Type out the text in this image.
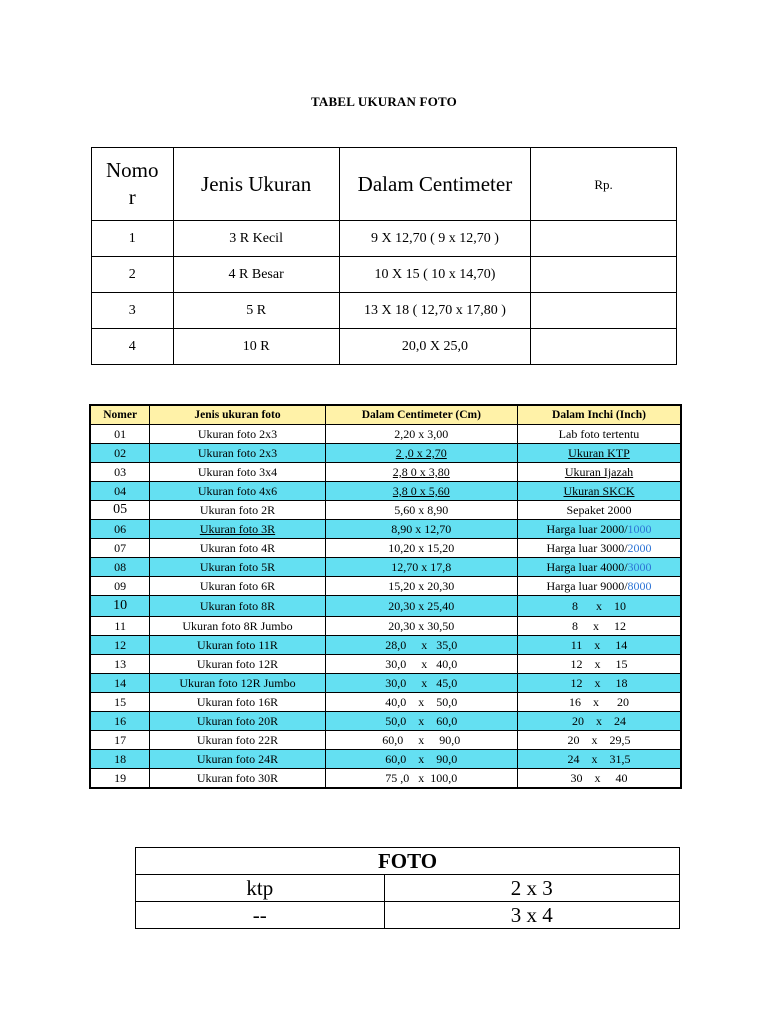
TABEL UKURAN FOTO
Nomo r	Jenis Ukuran	Dalam Centimeter	Rp.
1	3 R Kecil	9 X 12,70 ( 9 x 12,70 )	
2	4 R Besar	10 X 15 ( 10 x 14,70)	
3	5 R	13 X 18 ( 12,70 x 17,80 )	
4	10 R	20,0 X 25,0	
Nomer	Jenis ukuran foto	Dalam Centimeter (Cm)	Dalam Inchi (Inch)
01	Ukuran foto 2x3	2,20 x 3,00	Lab foto tertentu
02	Ukuran foto 2x3	2 ,0 x 2,70	Ukuran KTP
03	Ukuran foto 3x4	2,8 0 x 3,80	Ukuran Ijazah
04	Ukuran foto 4x6	3,8 0 x 5,60	Ukuran SKCK
05	Ukuran foto 2R	5,60 x 8,90	Sepaket 2000
06	Ukuran foto 3R	8,90 x 12,70	Harga luar 2000/1000
07	Ukuran foto 4R	10,20 x 15,20	Harga luar 3000/2000
08	Ukuran foto 5R	12,70 x 17,8	Harga luar 4000/3000
09	Ukuran foto 6R	15,20 x 20,30	Harga luar 9000/8000
10	Ukuran foto 8R	20,30 x 25,40	8      x    10
11	Ukuran foto 8R Jumbo	20,30 x 30,50	8     x     12
12	Ukuran foto 11R	28,0     x   35,0	11    x     14
13	Ukuran foto 12R	30,0     x   40,0	12    x     15
14	Ukuran foto 12R Jumbo	30,0     x   45,0	12    x     18
15	Ukuran foto 16R	40,0    x    50,0	16    x      20
16	Ukuran foto 20R	50,0    x    60,0	20    x    24
17	Ukuran foto 22R	60,0     x     90,0	20    x    29,5
18	Ukuran foto 24R	60,0    x    90,0	24    x    31,5
19	Ukuran foto 30R	75 ,0   x  100,0	30    x     40
FOTO	
ktp	2 x 3
--	3 x 4
